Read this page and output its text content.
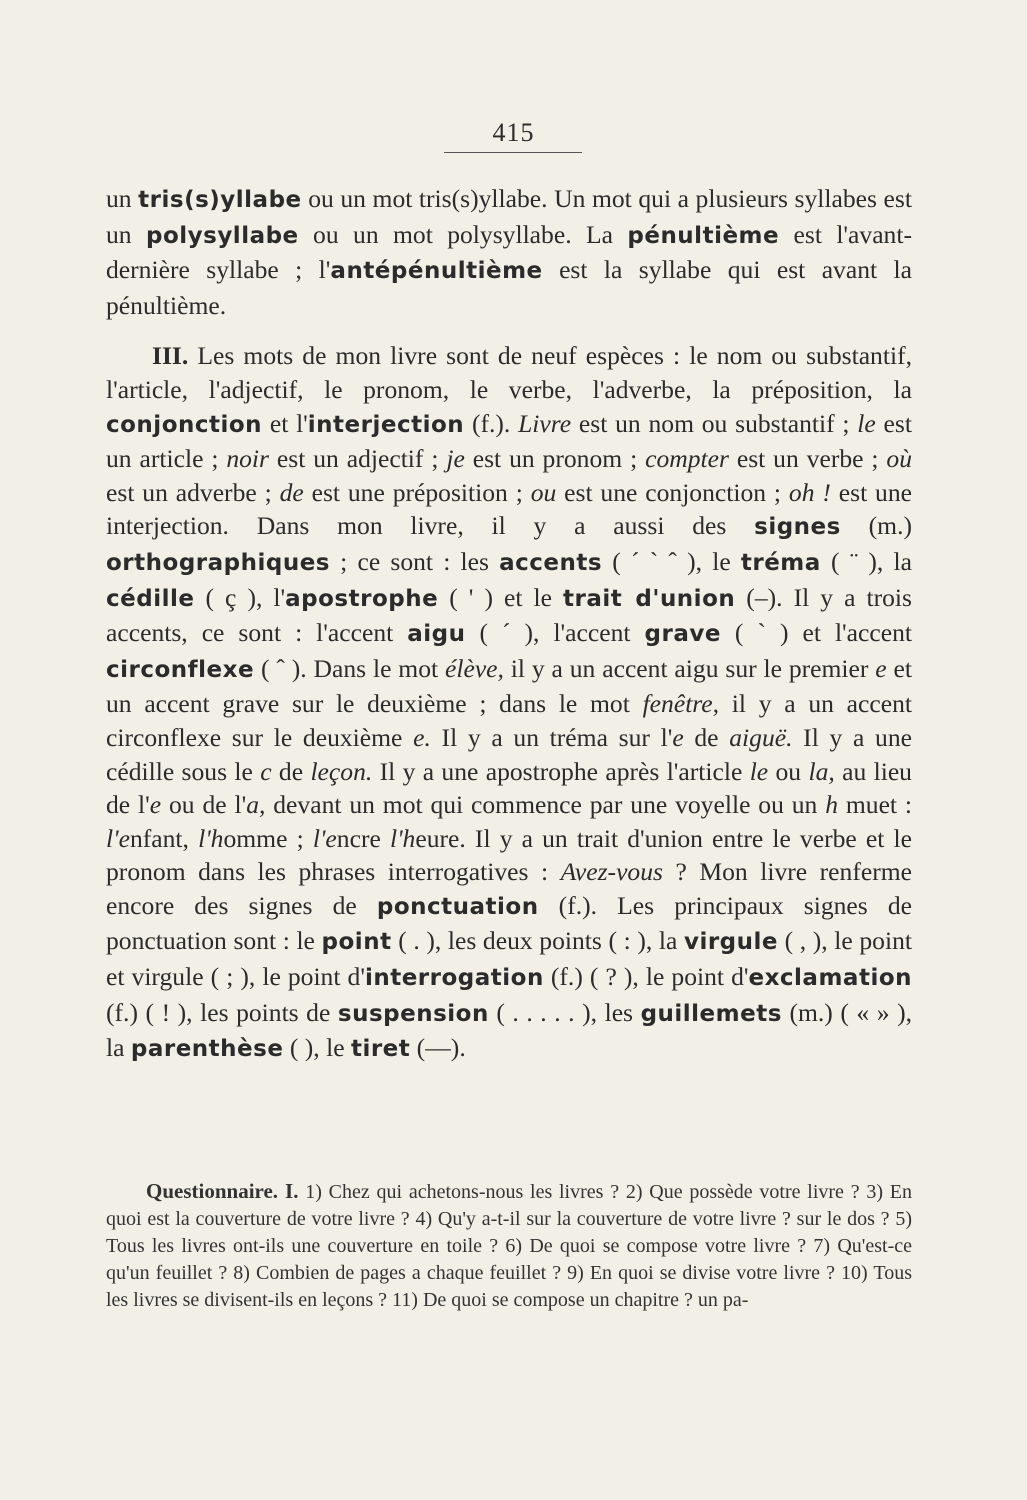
415

un tris(s)yllabe ou un mot tris(s)yllabe. Un mot qui a plusieurs syllabes est un polysyllabe ou un mot polysyllabe. La pénultième est l'avant-dernière syllabe ; l'antépénultième est la syllabe qui est avant la pénultième.

III. Les mots de mon livre sont de neuf espèces : le nom ou substantif, l'article, l'adjectif, le pronom, le verbe, l'adverbe, la préposition, la conjonction et l'interjection (f.). Livre est un nom ou substantif ; le est un article ; noir est un adjectif ; je est un pronom ; compter est un verbe ; où est un adverbe ; de est une préposition ; ou est une conjonction ; oh ! est une interjection. Dans mon livre, il y a aussi des signes (m.) orthographiques ; ce sont : les accents ( ´ ` ˆ ), le tréma ( ¨ ), la cédille ( ç ), l'apostrophe ( ' ) et le trait d'union (–). Il y a trois accents, ce sont : l'accent aigu ( ´ ), l'accent grave ( ` ) et l'accent circonflexe ( ˆ ). Dans le mot élève, il y a un accent aigu sur le premier e et un accent grave sur le deuxième ; dans le mot fenêtre, il y a un accent circonflexe sur le deuxième e. Il y a un tréma sur l'e de aiguë. Il y a une cédille sous le c de leçon. Il y a une apostrophe après l'article le ou la, au lieu de l'e ou de l'a, devant un mot qui commence par une voyelle ou un h muet : l'enfant, l'homme ; l'encre l'heure. Il y a un trait d'union entre le verbe et le pronom dans les phrases interrogatives : Avez-vous ? Mon livre renferme encore des signes de ponctuation (f.). Les principaux signes de ponctuation sont : le point ( . ), les deux points ( : ), la virgule ( , ), le point et virgule ( ; ), le point d'interrogation (f.) ( ? ), le point d'exclamation (f.) ( ! ), les points de suspension ( . . . . . ), les guillemets (m.) ( « » ), la parenthèse ( ), le tiret (—).

Questionnaire. I. 1) Chez qui achetons-nous les livres ? 2) Que possède votre livre ? 3) En quoi est la couverture de votre livre ? 4) Qu'y a-t-il sur la couverture de votre livre ? sur le dos ? 5) Tous les livres ont-ils une couverture en toile ? 6) De quoi se compose votre livre ? 7) Qu'est-ce qu'un feuillet ? 8) Combien de pages a chaque feuillet ? 9) En quoi se divise votre livre ? 10) Tous les livres se divisent-ils en leçons ? 11) De quoi se compose un chapitre ? un pa-
